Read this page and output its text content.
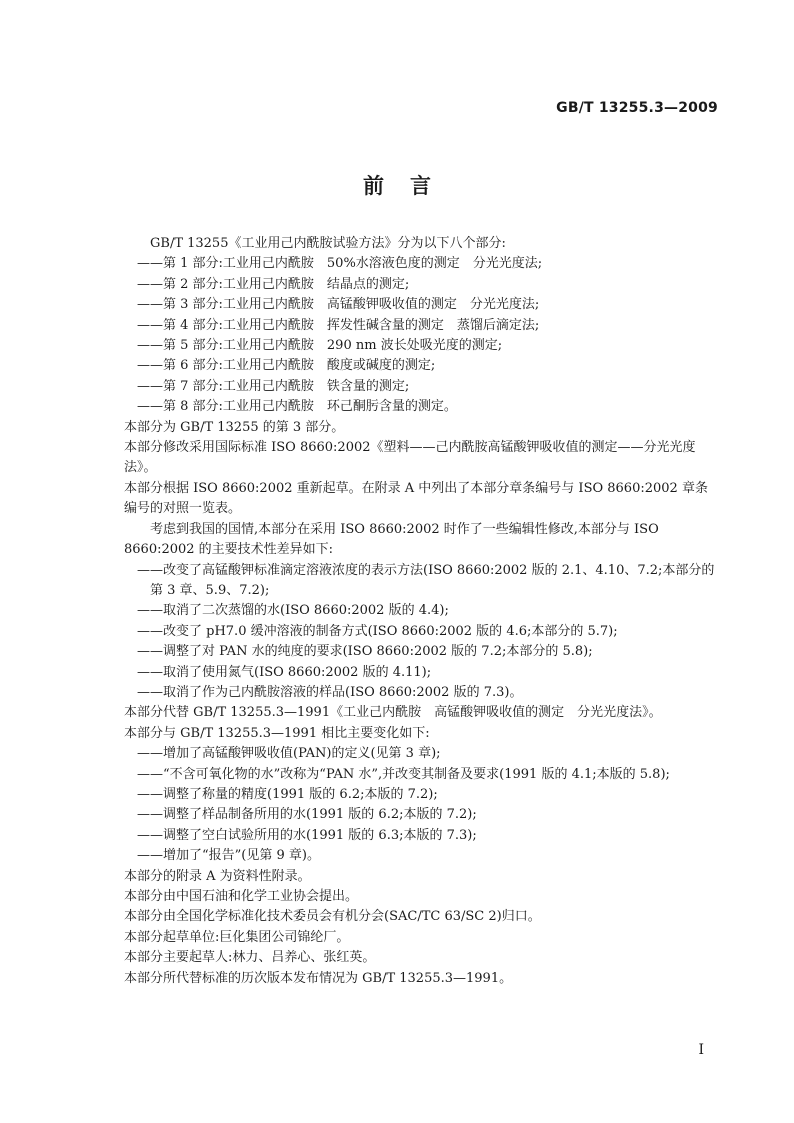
GB/T 13255.3—2009
前言

GB/T 13255《工业用己内酰胺试验方法》分为以下八个部分:

——第 1 部分:工业用己内酰胺　50%水溶液色度的测定　分光光度法;

——第 2 部分:工业用己内酰胺　结晶点的测定;

——第 3 部分:工业用己内酰胺　高锰酸钾吸收值的测定　分光光度法;

——第 4 部分:工业用己内酰胺　挥发性碱含量的测定　蒸馏后滴定法;

——第 5 部分:工业用己内酰胺　290 nm 波长处吸光度的测定;

——第 6 部分:工业用己内酰胺　酸度或碱度的测定;

——第 7 部分:工业用己内酰胺　铁含量的测定;

——第 8 部分:工业用己内酰胺　环己酮肟含量的测定。

本部分为 GB/T 13255 的第 3 部分。

本部分修改采用国际标准 ISO 8660:2002《塑料——己内酰胺高锰酸钾吸收值的测定——分光光度法》。

本部分根据 ISO 8660:2002 重新起草。在附录 A 中列出了本部分章条编号与 ISO 8660:2002 章条编号的对照一览表。

考虑到我国的国情,本部分在采用 ISO 8660:2002 时作了一些编辑性修改,本部分与 ISO 8660:2002 的主要技术性差异如下:

——改变了高锰酸钾标准滴定溶液浓度的表示方法(ISO 8660:2002 版的 2.1、4.10、7.2;本部分的第 3 章、5.9、7.2);

——取消了二次蒸馏的水(ISO 8660:2002 版的 4.4);

——改变了 pH7.0 缓冲溶液的制备方式(ISO 8660:2002 版的 4.6;本部分的 5.7);

——调整了对 PAN 水的纯度的要求(ISO 8660:2002 版的 7.2;本部分的 5.8);

——取消了使用氮气(ISO 8660:2002 版的 4.11);

——取消了作为己内酰胺溶液的样品(ISO 8660:2002 版的 7.3)。

本部分代替 GB/T 13255.3—1991《工业己内酰胺　高锰酸钾吸收值的测定　分光光度法》。

本部分与 GB/T 13255.3—1991 相比主要变化如下:

——增加了高锰酸钾吸收值(PAN)的定义(见第 3 章);

——“不含可氧化物的水”改称为“PAN 水”,并改变其制备及要求(1991 版的 4.1;本版的 5.8);

——调整了称量的精度(1991 版的 6.2;本版的 7.2);

——调整了样品制备所用的水(1991 版的 6.2;本版的 7.2);

——调整了空白试验所用的水(1991 版的 6.3;本版的 7.3);

——增加了“报告”(见第 9 章)。

本部分的附录 A 为资料性附录。

本部分由中国石油和化学工业协会提出。

本部分由全国化学标准化技术委员会有机分会(SAC/TC 63/SC 2)归口。

本部分起草单位:巨化集团公司锦纶厂。

本部分主要起草人:林力、吕养心、张红英。

本部分所代替标准的历次版本发布情况为 GB/T 13255.3—1991。

I
